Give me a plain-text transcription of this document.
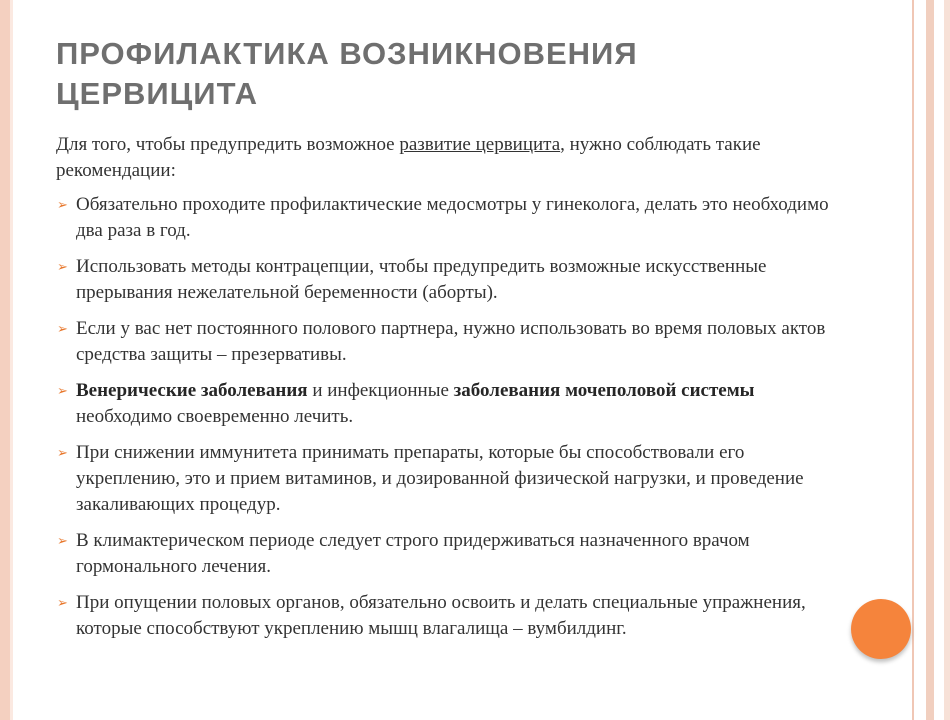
ПРОФИЛАКТИКА ВОЗНИКНОВЕНИЯ
ЦЕРВИЦИТА

Для того, чтобы предупредить возможное развитие цервицита, нужно соблюдать такие рекомендации:

➢ Обязательно проходите профилактические медосмотры у гинеколога, делать это необходимо два раза в год.
➢ Использовать методы контрацепции, чтобы предупредить возможные искусственные прерывания нежелательной беременности (аборты).
➢ Если у вас нет постоянного полового партнера, нужно использовать во время половых актов средства защиты – презервативы.
➢ Венерические заболевания и инфекционные заболевания мочеполовой системы необходимо своевременно лечить.
➢ При снижении иммунитета принимать препараты, которые бы способствовали его укреплению, это и прием витаминов, и дозированной физической нагрузки, и проведение закаливающих процедур.
➢ В климактерическом периоде следует строго придерживаться назначенного врачом гормонального лечения.
➢ При опущении половых органов, обязательно освоить и делать специальные упражнения, которые способствуют укреплению мышц влагалища – вумбилдинг.
